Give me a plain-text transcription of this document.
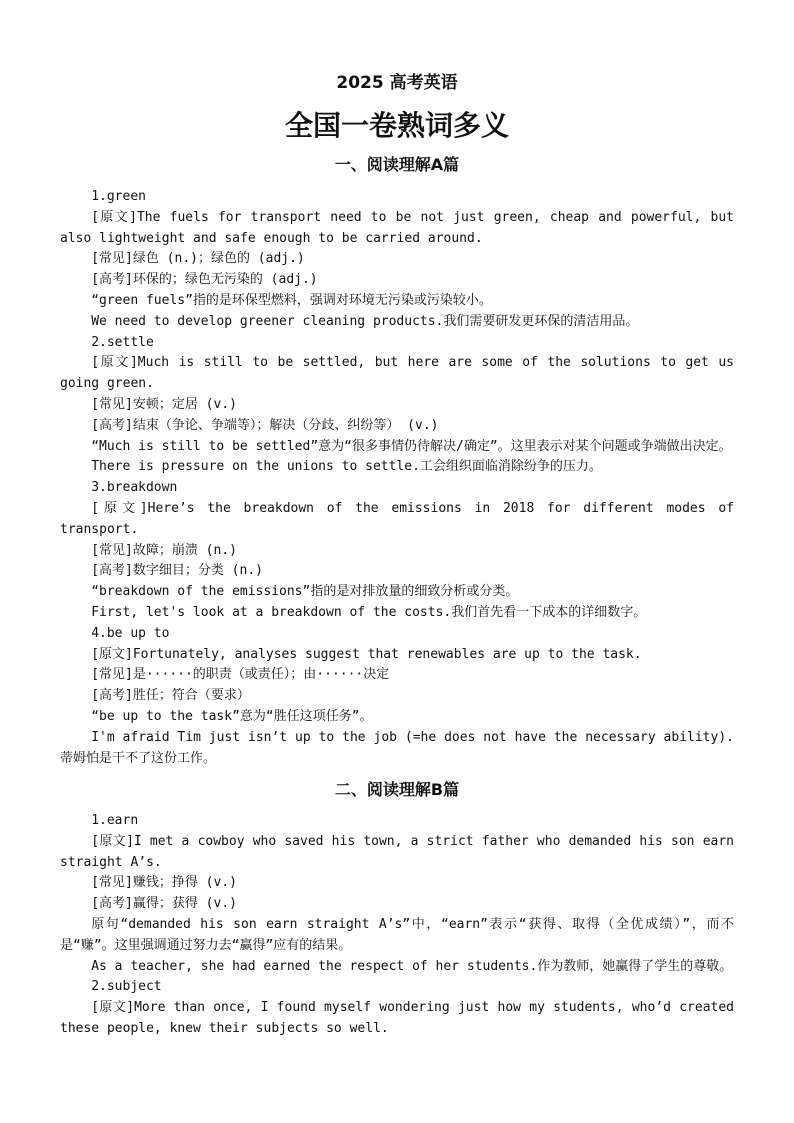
2025 高考英语
全国一卷熟词多义
一、阅读理解A篇

1.green

[原文]The fuels for transport need to be not just green, cheap and powerful, but also lightweight and safe enough to be carried around.

[常见]绿色 (n.)；绿色的 (adj.)

[高考]环保的；绿色无污染的 (adj.)

“green fuels”指的是环保型燃料，强调对环境无污染或污染较小。

We need to develop greener cleaning products.我们需要研发更环保的清洁用品。

2.settle

[原文]Much is still to be settled, but here are some of the solutions to get us going green.

[常见]安顿；定居 (v.)

[高考]结束（争论、争端等）；解决（分歧、纠纷等） (v.)

“Much is still to be settled”意为“很多事情仍待解决/确定”。这里表示对某个问题或争端做出决定。

There is pressure on the unions to settle.工会组织面临消除纷争的压力。

3.breakdown

[原文]Here’s the breakdown of the emissions in 2018 for different modes of transport.

[常见]故障；崩溃 (n.)

[高考]数字细目；分类 (n.)

“breakdown of the emissions”指的是对排放量的细致分析或分类。

First, let's look at a breakdown of the costs.我们首先看一下成本的详细数字。

4.be up to

[原文]Fortunately, analyses suggest that renewables are up to the task.

[常见]是······的职责（或责任）；由······决定

[高考]胜任；符合（要求）

“be up to the task”意为“胜任这项任务”。

I'm afraid Tim just isn’t up to the job (=he does not have the necessary ability).蒂姆怕是干不了这份工作。

二、阅读理解B篇

1.earn

[原文]I met a cowboy who saved his town, a strict father who demanded his son earn straight A’s.

[常见]赚钱；挣得 (v.)

[高考]赢得；获得 (v.)

原句“demanded his son earn straight A’s”中，“earn”表示“获得、取得（全优成绩）”，而不是“赚”。这里强调通过努力去“赢得”应有的结果。

As a teacher, she had earned the respect of her students.作为教师，她赢得了学生的尊敬。

2.subject

[原文]More than once, I found myself wondering just how my students, who’d created these people, knew their subjects so well.
